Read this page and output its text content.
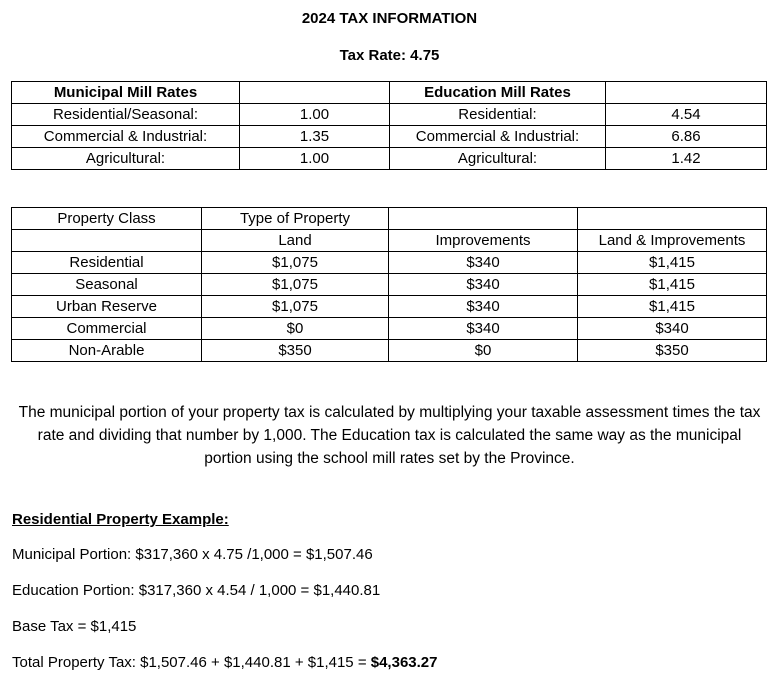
2024 TAX INFORMATION
Tax Rate: 4.75
Municipal Mill Rates		Education Mill Rates	
Residential/Seasonal:	1.00	Residential:	4.54
Commercial & Industrial:	1.35	Commercial & Industrial:	6.86
Agricultural:	1.00	Agricultural:	1.42
Property Class	Type of Property		
	Land	Improvements	Land & Improvements
Residential	$1,075	$340	$1,415
Seasonal	$1,075	$340	$1,415
Urban Reserve	$1,075	$340	$1,415
Commercial	$0	$340	$340
Non-Arable	$350	$0	$350
The municipal portion of your property tax is calculated by multiplying your taxable assessment times the tax rate and dividing that number by 1,000. The Education tax is calculated the same way as the municipal portion using the school mill rates set by the Province.
Residential Property Example:
Municipal Portion: $317,360 x 4.75 /1,000 = $1,507.46
Education Portion: $317,360 x 4.54 / 1,000 = $1,440.81
Base Tax = $1,415
Total Property Tax: $1,507.46 + $1,440.81 + $1,415 = $4,363.27
